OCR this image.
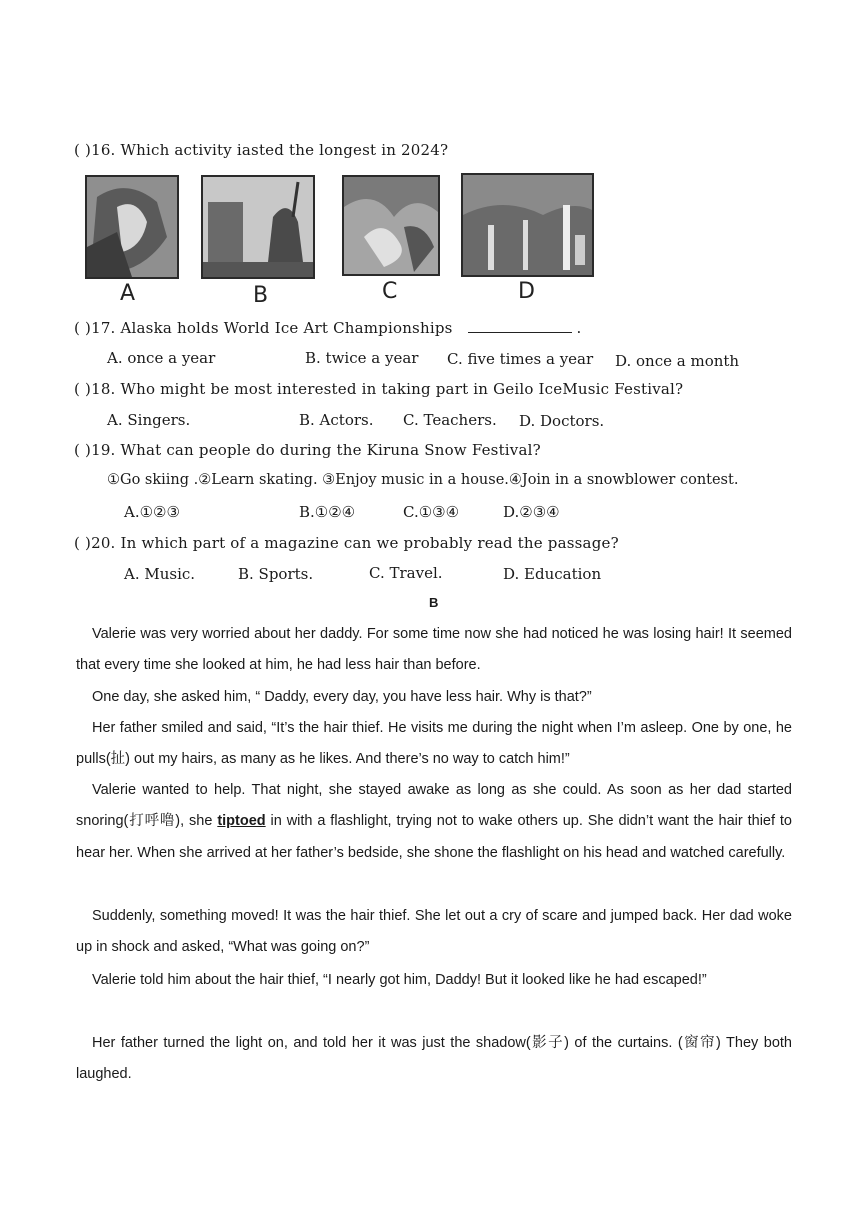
( )16. Which activity iasted the longest in 2024?
A	B	C	D
( )17. Alaska holds World Ice Art Championships	.
A. once a year	B. twice a year C. five times a year D. once a month
( )18. Who might be most interested in taking part in Geilo IceMusic Festival?
A. Singers.	B. Actors. C. Teachers. D. Doctors.
( )19. What can people do during the Kiruna Snow Festival?
①Go skiing .②Learn skating. ③Enjoy music in a house.④Join in a snowblower contest.
A.①②③	B.①②④	C.①③④	D.②③④
( )20. In which part of a magazine can we probably read the passage?
A. Music.	B. Sports.	C. Travel.	D. Education
B
Valerie was very worried about her daddy. For some time now she had noticed he was losing hair! It seemed that every time she looked at him, he had less hair than before.
One day, she asked him, “ Daddy, every day, you have less hair. Why is that?”
Her father smiled and said, “It’s the hair thief. He visits me during the night when I’m asleep. One by one, he pulls(扯) out my hairs, as many as he likes. And there’s no way to catch him!”
Valerie wanted to help. That night, she stayed awake as long as she could. As soon as her dad started snoring(打呼噜), she tiptoed in with a flashlight, trying not to wake others up. She didn’t want the hair thief to hear her. When she arrived at her father’s bedside, she shone the flashlight on his head and watched carefully.
Suddenly, something moved! It was the hair thief. She let out a cry of scare and jumped back. Her dad woke up in shock and asked, “What was going on?”
Valerie told him about the hair thief, “I nearly got him, Daddy! But it looked like he had escaped!”
Her father turned the light on, and told her it was just the shadow(影子) of the curtains. (窗帘) They both laughed.
